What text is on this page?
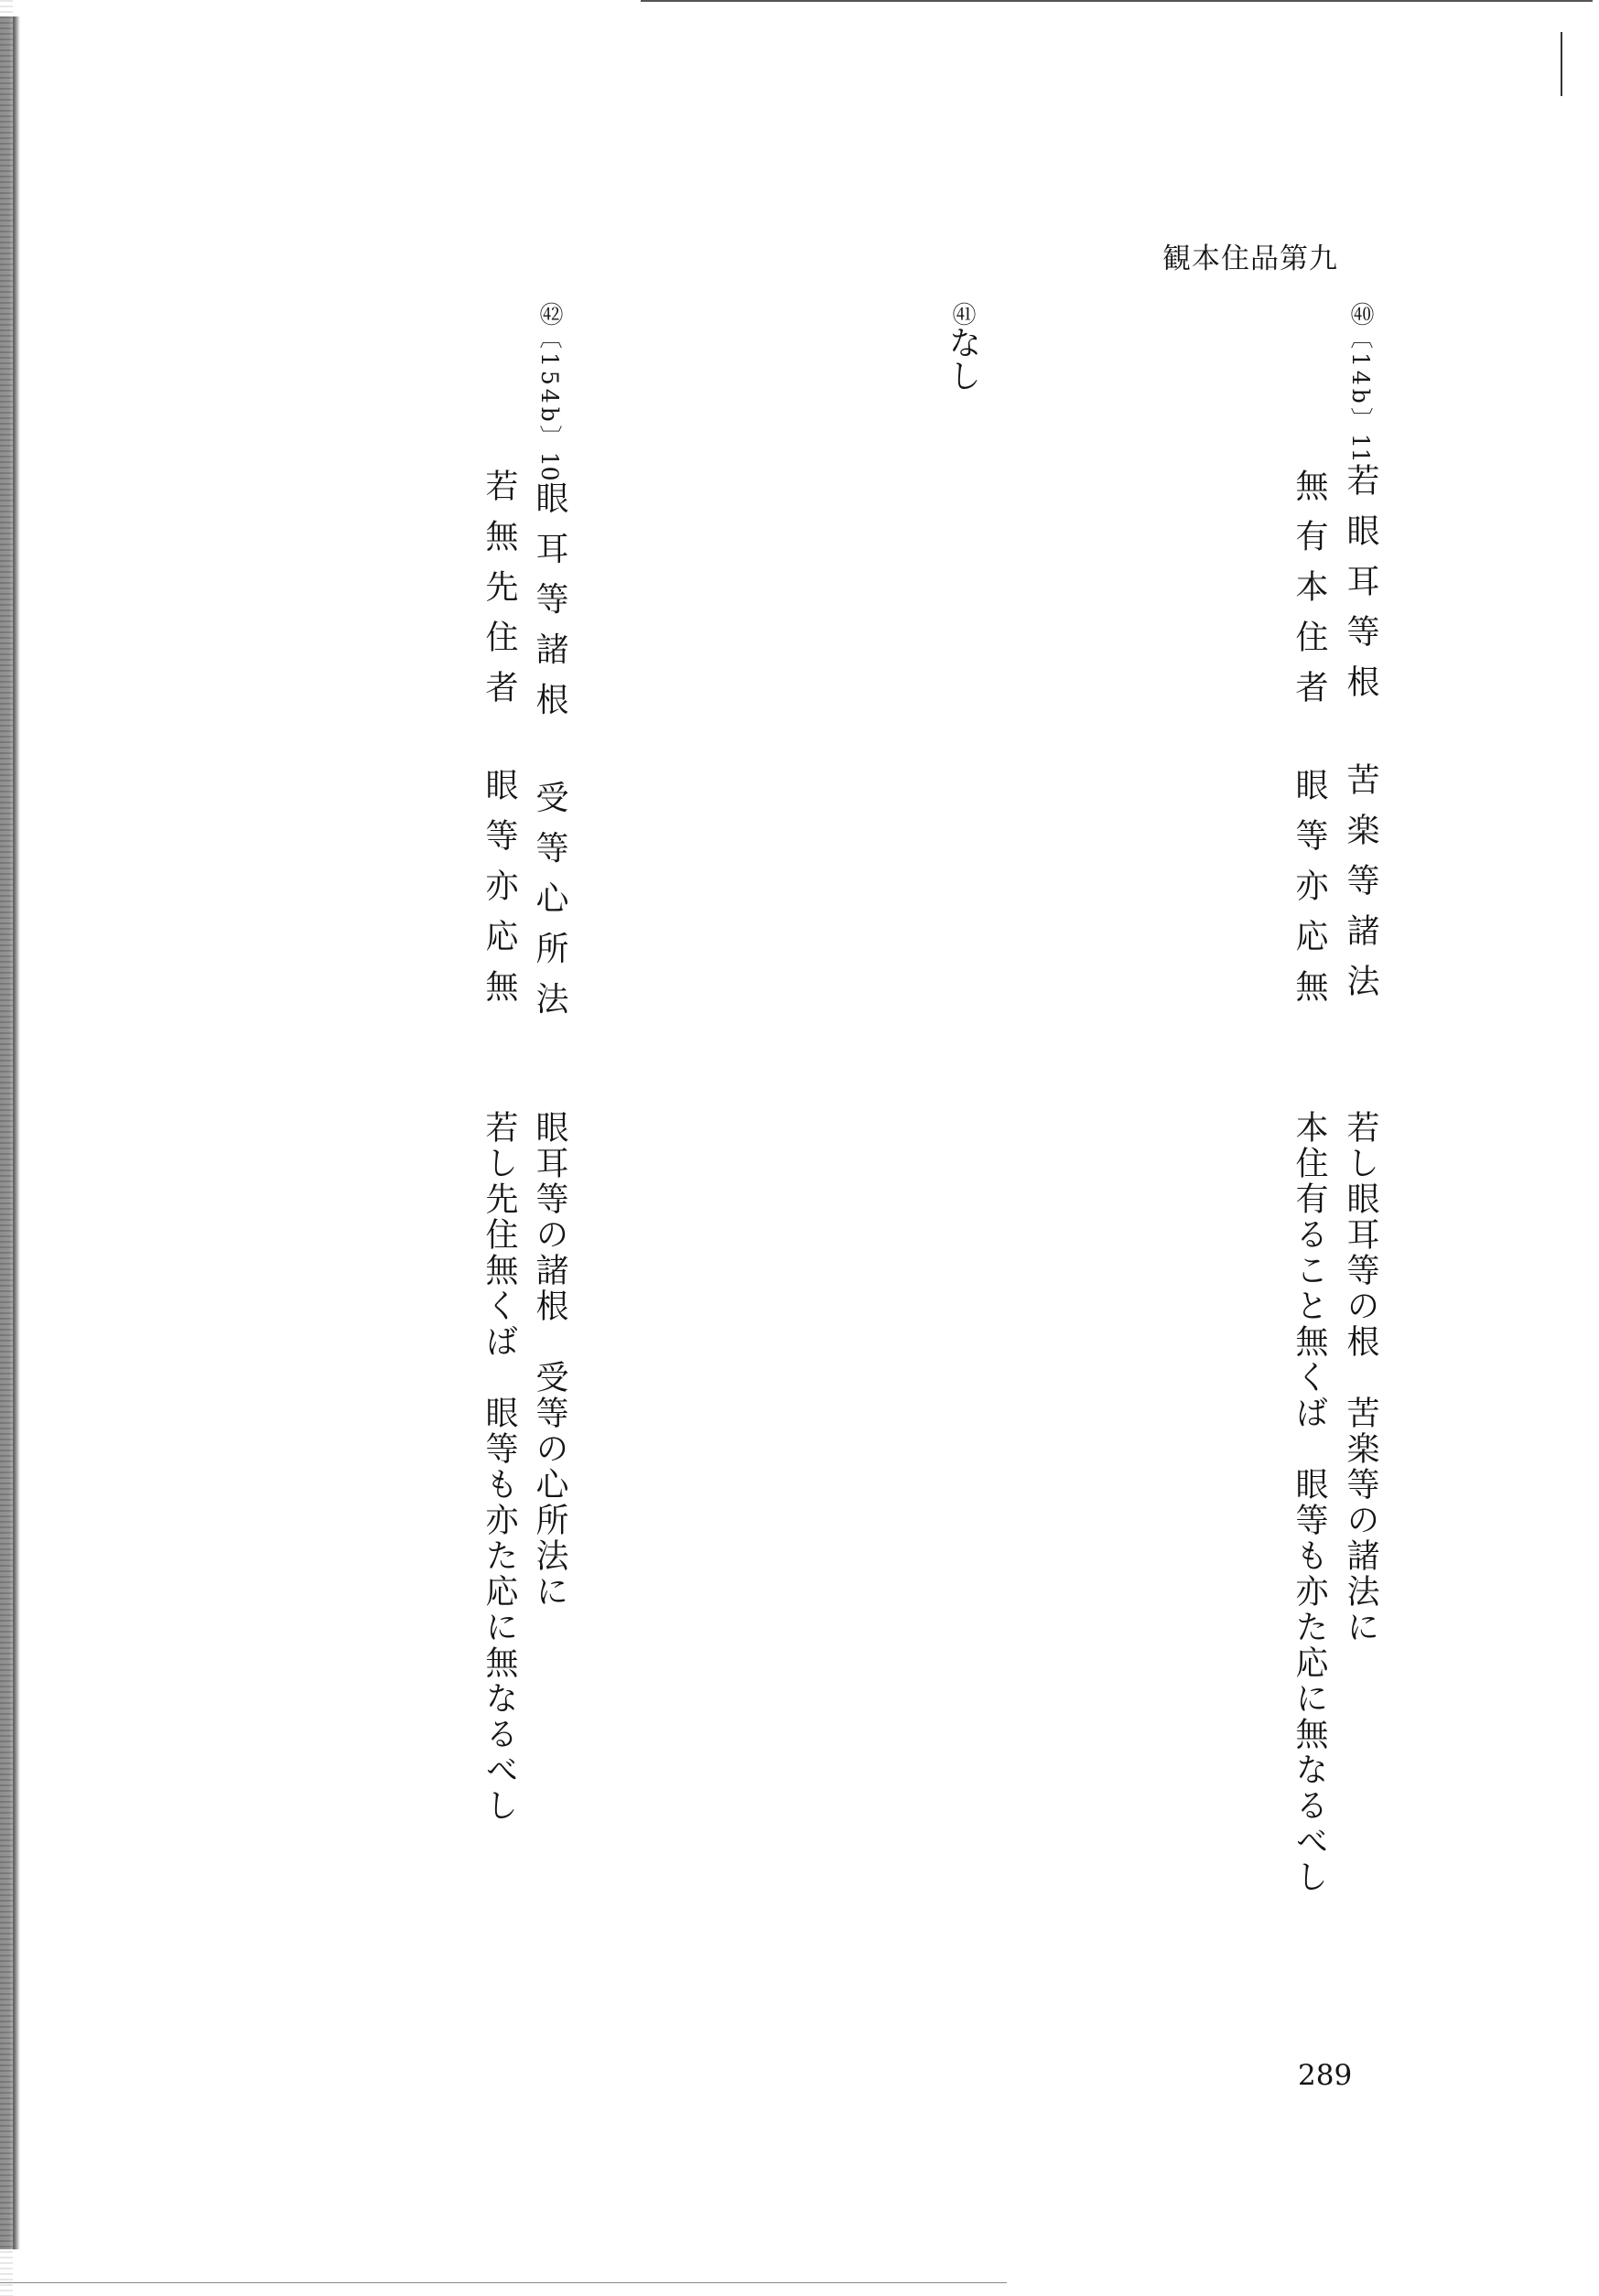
観本住品第九
㊵〔14b〕11若眼耳等根苦楽等諸法
無有本住者眼等亦応無
若し眼耳等の根　苦楽等の諸法に
本住有ること無くば　眼等も亦た応に無なるべし
㊶なし
㊷〔154b〕10眼耳等諸根受等心所法
若無先住者眼等亦応無
眼耳等の諸根　受等の心所法に
若し先住無くば　眼等も亦た応に無なるべし
289
